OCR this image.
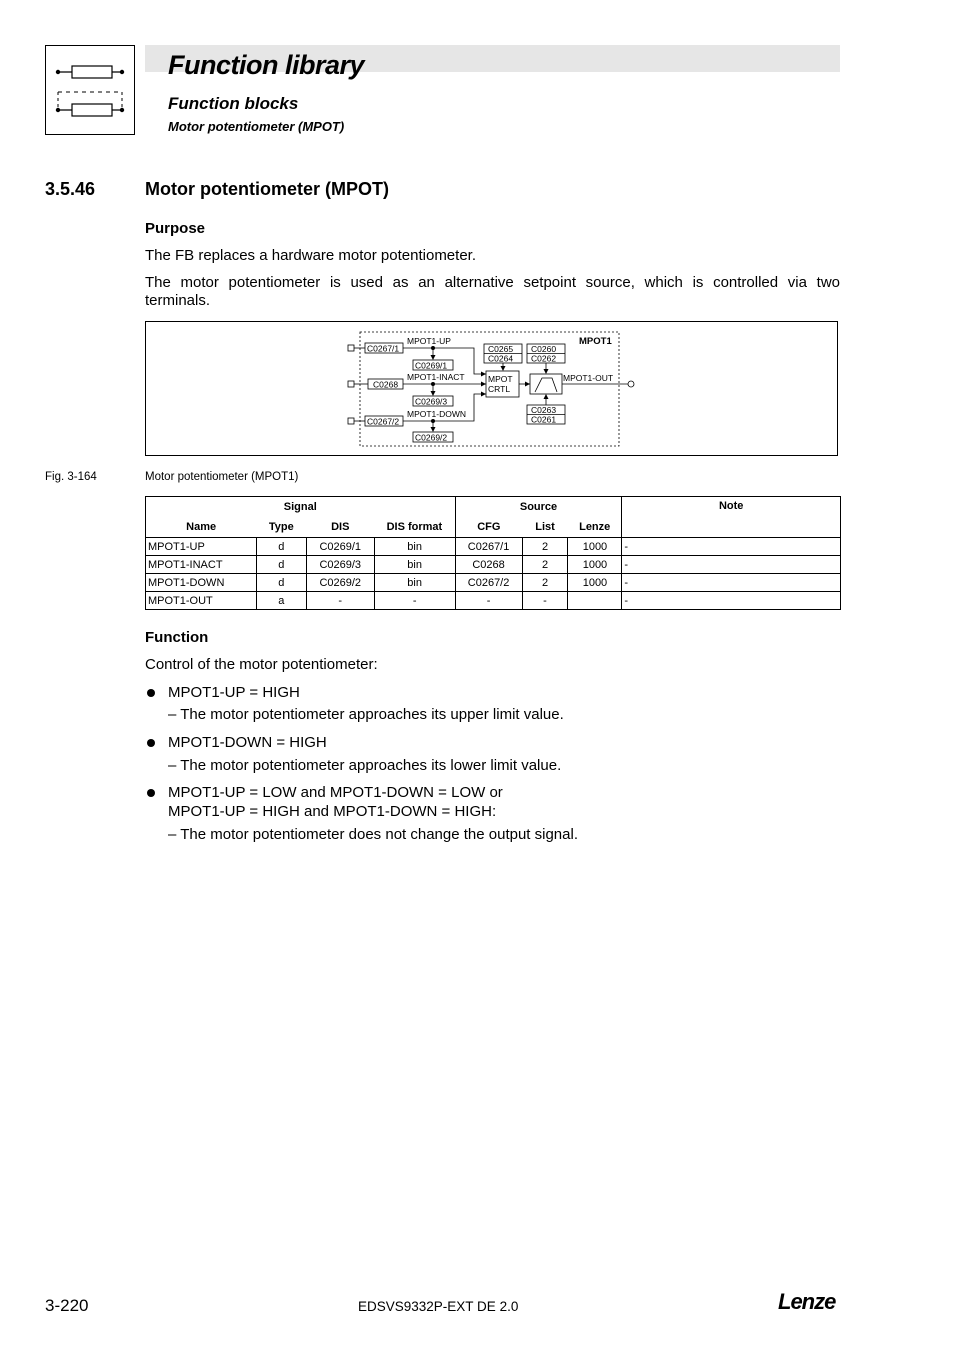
Function library
Function blocks
Motor potentiometer (MPOT)
3.5.46	Motor potentiometer (MPOT)
Purpose
The FB replaces a hardware motor potentiometer.
The motor potentiometer is used as an alternative setpoint source, which is controlled via two
terminals.
MPOT1
C0267/1
C0268
C0267/2
MPOT1-UP
MPOT1-INACT
MPOT1-DOWN
C0269/1
C0269/3
C0269/2
MPOT
CRTL
C0265
C0264
C0260
C0262
C0263
C0261
MPOT1-OUT
Fig. 3-164	Motor potentiometer (MPOT1)
Signal				Source			Note
Name	Type	DIS	DIS format	CFG	List	Lenze	
MPOT1-UP	d	C0269/1	bin	C0267/1	2	1000	-
MPOT1-INACT	d	C0269/3	bin	C0268	2	1000	-
MPOT1-DOWN	d	C0269/2	bin	C0267/2	2	1000	-
MPOT1-OUT	a	-	-	-	-		-
Function
Control of the motor potentiometer:
MPOT1-UP = HIGH
– The motor potentiometer approaches its upper limit value.
MPOT1-DOWN = HIGH
– The motor potentiometer approaches its lower limit value.
MPOT1-UP = LOW and MPOT1-DOWN = LOW or
MPOT1-UP = HIGH and MPOT1-DOWN = HIGH:
– The motor potentiometer does not change the output signal.
3-220	EDSVS9332P-EXT DE 2.0	Lenze
